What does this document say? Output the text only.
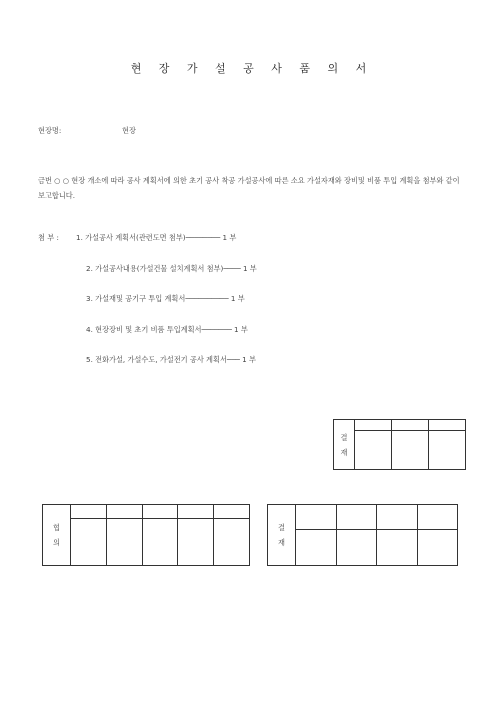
현 장 가 설 공 사 품 의 서
현장명:	현장
금번 ○ ○ 현장 개소에 따라 공사 계획서에 의한 초기 공사 착공 가설공사에 따른 소요 가설자재와 장비및 비품 투입 계획을 첨부와 같이 보고합니다.
첨 부 : 1. 가설공사 계획서(관련도면 첨부)──────── 1 부
2. 가설공사내용(가설건물 설치계획서 첨부)──── 1 부
3. 가설재및 공기구 투입 계획서────────── 1 부
4. 현장장비 및 초기 비품 투입계획서─────── 1 부
5. 전화가설, 가설수도, 가설전기 공사 계획서─── 1 부
결
재			

협
의					

결
재				
